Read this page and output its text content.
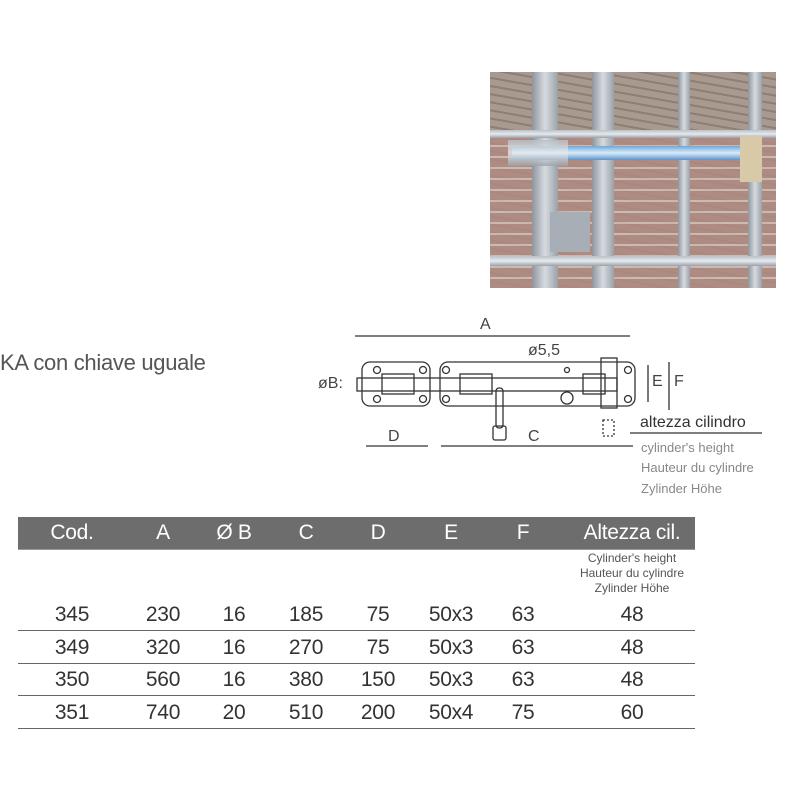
KA con chiave uguale
A
ø5,5
øB:	E F
D	C
altezza cilindro
cylinder's height
Hauteur du cylindre
Zylinder Höhe
Cod.	A Ø B C	D	E	F	Altezza cil.
Cylinder's height
Hauteur du cylindre
Zylinder Höhe
345	230 16 185 75 50x3 63	48
349	320 16 270 75 50x3 63	48
350	560 16 380 150 50x3 63	48
351	740 20 510 200 50x4 75	60
